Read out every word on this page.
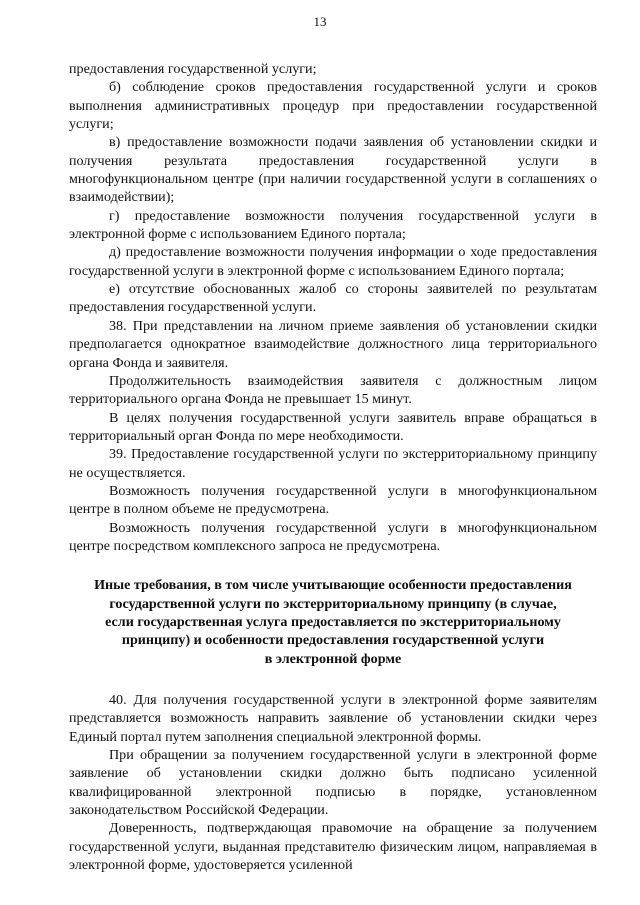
13

предоставления государственной услуги;

б) соблюдение сроков предоставления государственной услуги и сроков выполнения административных процедур при предоставлении государственной услуги;

в) предоставление возможности подачи заявления об установлении скидки и получения результата предоставления государственной услуги в многофункциональном центре (при наличии государственной услуги в соглашениях о взаимодействии);

г) предоставление возможности получения государственной услуги в электронной форме с использованием Единого портала;

д) предоставление возможности получения информации о ходе предоставления государственной услуги в электронной форме с использованием Единого портала;

е) отсутствие обоснованных жалоб со стороны заявителей по результатам предоставления государственной услуги.

38. При представлении на личном приеме заявления об установлении скидки предполагается однократное взаимодействие должностного лица территориального органа Фонда и заявителя.

Продолжительность взаимодействия заявителя с должностным лицом территориального органа Фонда не превышает 15 минут.

В целях получения государственной услуги заявитель вправе обращаться в территориальный орган Фонда по мере необходимости.

39. Предоставление государственной услуги по экстерриториальному принципу не осуществляется.

Возможность получения государственной услуги в многофункциональном центре в полном объеме не предусмотрена.

Возможность получения государственной услуги в многофункциональном центре посредством комплексного запроса не предусмотрена.

Иные требования, в том числе учитывающие особенности предоставления
государственной услуги по экстерриториальному принципу (в случае,
если государственная услуга предоставляется по экстерриториальному
принципу) и особенности предоставления государственной услуги
в электронной форме

40. Для получения государственной услуги в электронной форме заявителям представляется возможность направить заявление об установлении скидки через Единый портал путем заполнения специальной электронной формы.

При обращении за получением государственной услуги в электронной форме заявление об установлении скидки должно быть подписано усиленной квалифицированной электронной подписью в порядке, установленном законодательством Российской Федерации.

Доверенность, подтверждающая правомочие на обращение за получением государственной услуги, выданная представителю физическим лицом, направляемая в электронной форме, удостоверяется усиленной
